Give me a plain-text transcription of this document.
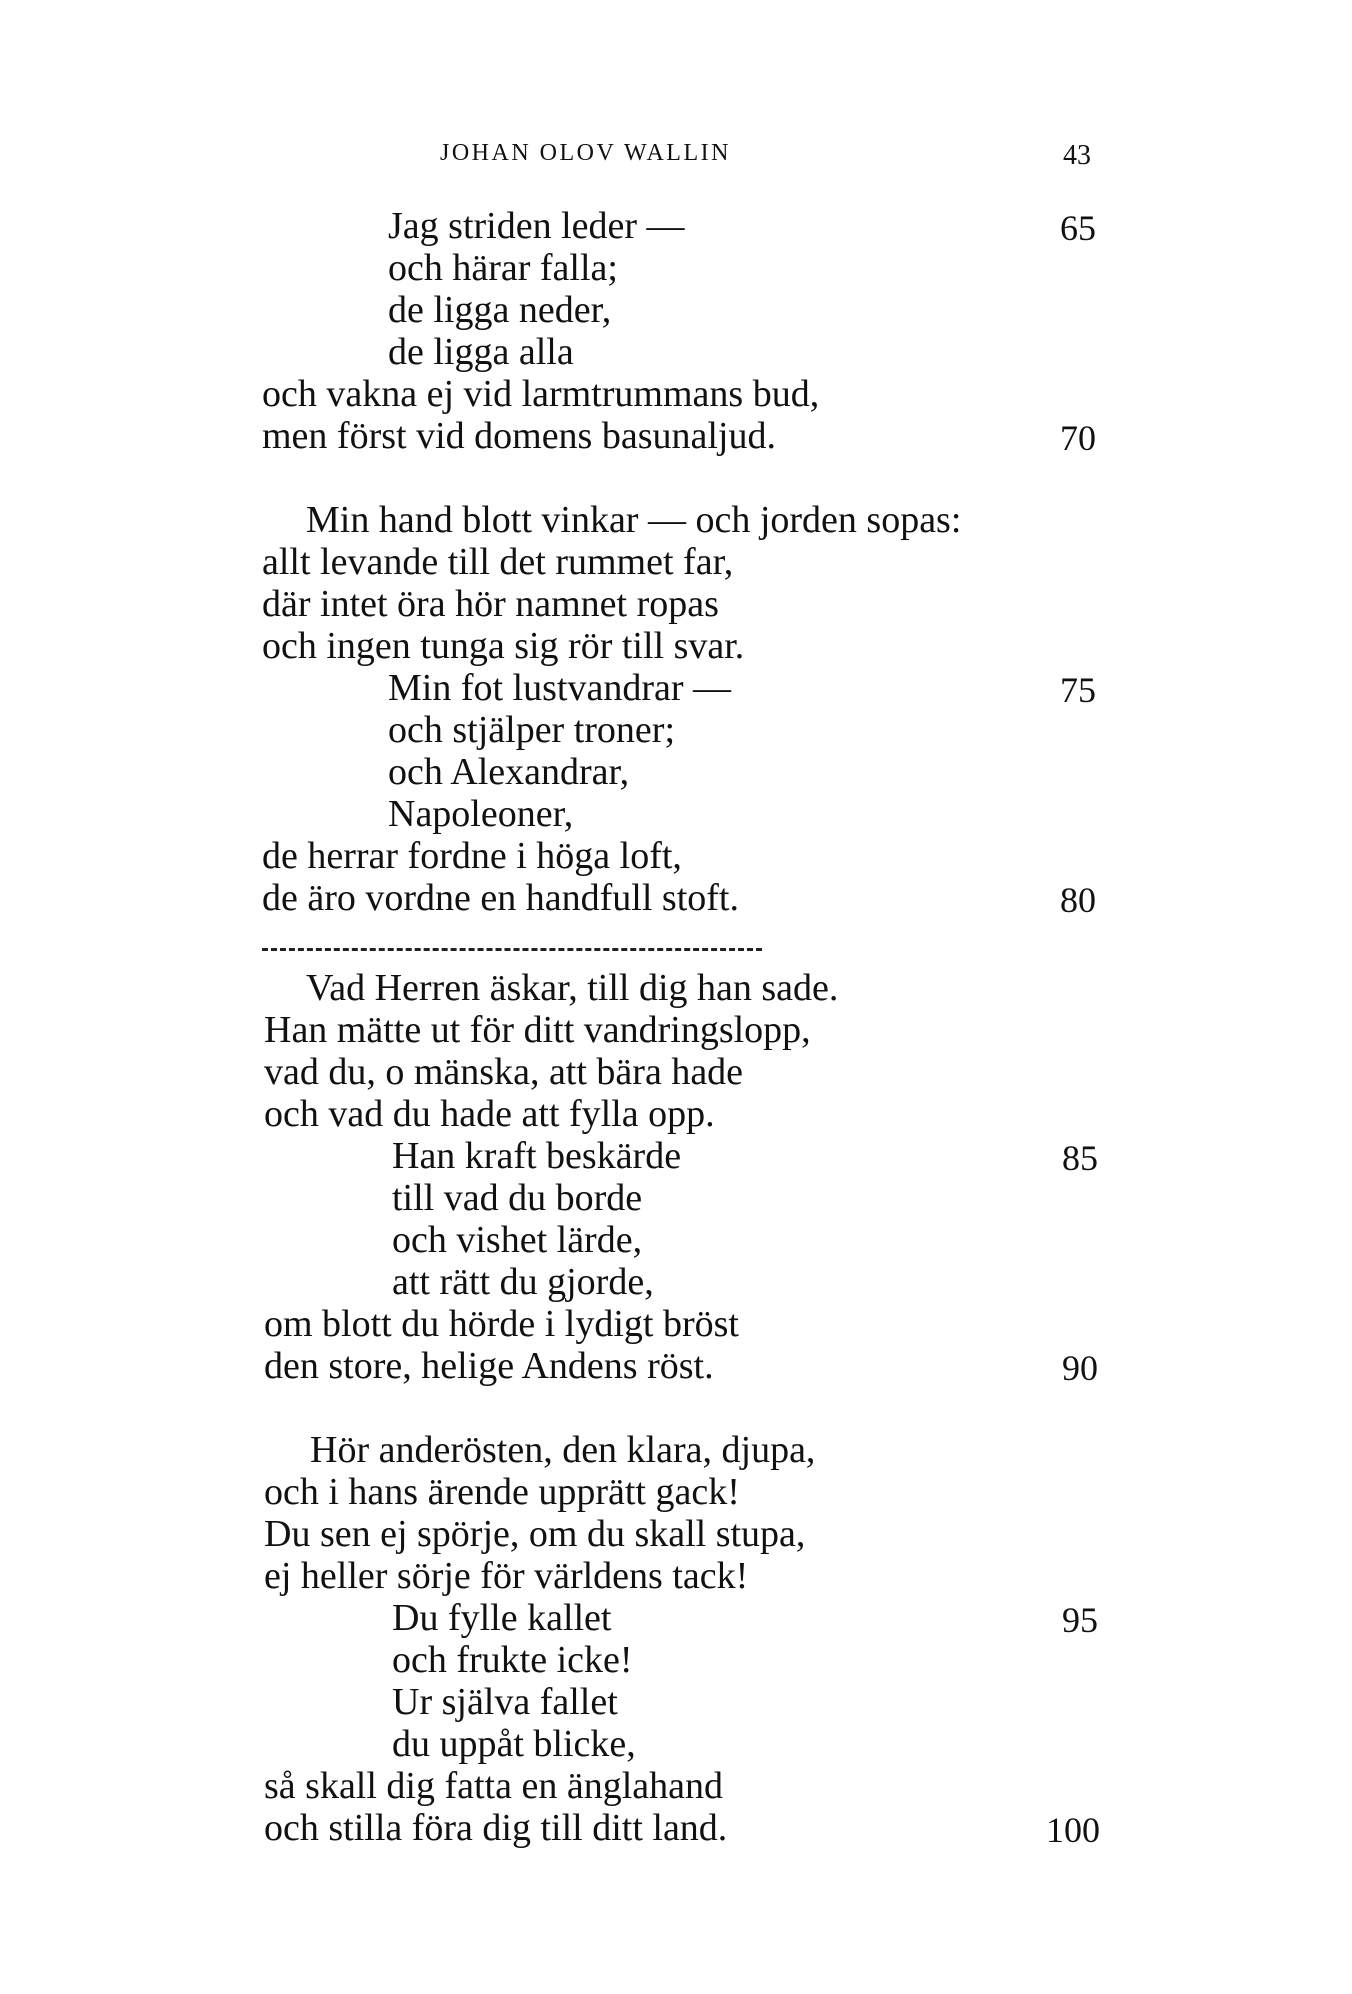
JOHAN OLOV WALLIN	43
Jag striden leder —
och härar falla;
de ligga neder,
de ligga alla
och vakna ej vid larmtrummans bud,
men först vid domens basunaljud.
Min hand blott vinkar — och jorden sopas:
allt levande till det rummet far,
där intet öra hör namnet ropas
och ingen tunga sig rör till svar.
Min fot lustvandrar —
och stjälper troner;
och Alexandrar,
Napoleoner,
de herrar fordne i höga loft,
de äro vordne en handfull stoft.
Vad Herren äskar, till dig han sade.
Han mätte ut för ditt vandringslopp,
vad du, o mänska, att bära hade
och vad du hade att fylla opp.
Han kraft beskärde
till vad du borde
och vishet lärde,
att rätt du gjorde,
om blott du hörde i lydigt bröst
den store, helige Andens röst.
Hör anderösten, den klara, djupa,
och i hans ärende upprätt gack!
Du sen ej spörje, om du skall stupa,
ej heller sörje för världens tack!
Du fylle kallet
och frukte icke!
Ur själva fallet
du uppåt blicke,
så skall dig fatta en änglahand
och stilla föra dig till ditt land.
65
70
75
80
85
90
95
100
